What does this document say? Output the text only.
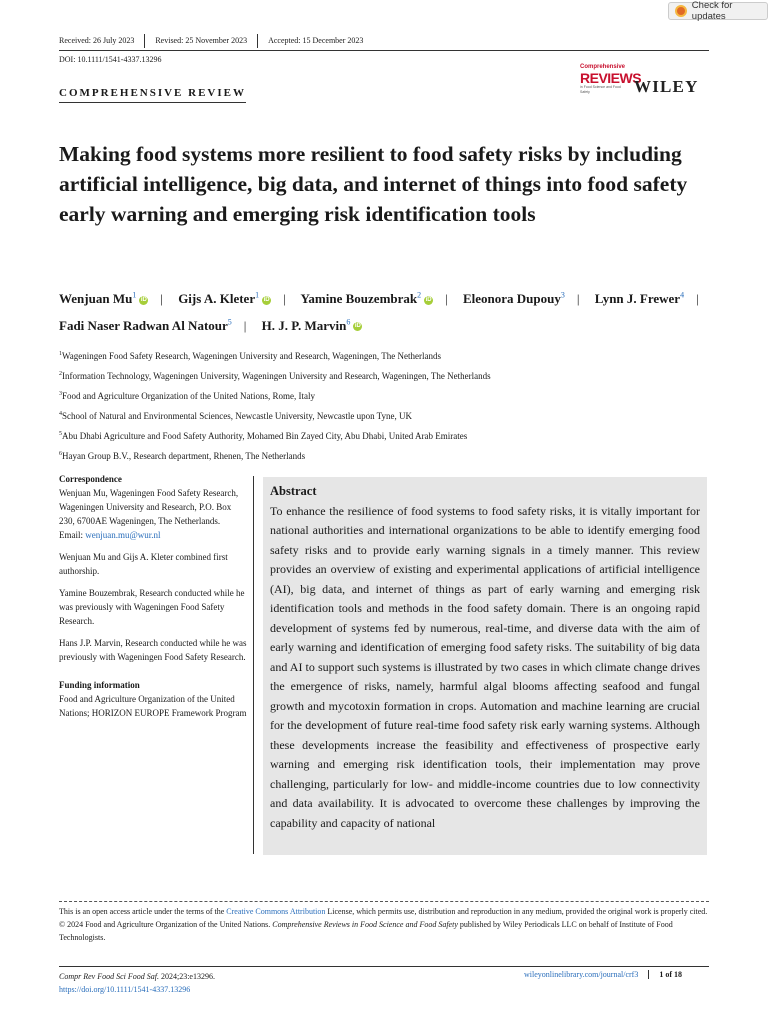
Check for updates
Received: 26 July 2023	Revised: 25 November 2023	Accepted: 15 December 2023
DOI: 10.1111/1541-4337.13296
COMPREHENSIVE REVIEW
Comprehensive
REVIEWS
in Food Science and Food Safety	WILEY
Making food systems more resilient to food safety risks by including artificial intelligence, big data, and internet of things into food safety early warning and emerging risk identification tools
Wenjuan Mu$^1$ iD | Gijs A. Kleter$^1$ iD | Yamine Bouzembrak$^2$ iD | Eleonora Dupouy$^3$ | Lynn J. Frewer$^4$ | Fadi Naser Radwan Al Natour$^5$ | H. J. P. Marvin$^6$ iD
$^1$Wageningen Food Safety Research, Wageningen University and Research, Wageningen, The Netherlands
$^2$Information Technology, Wageningen University, Wageningen University and Research, Wageningen, The Netherlands
$^3$Food and Agriculture Organization of the United Nations, Rome, Italy
$^4$School of Natural and Environmental Sciences, Newcastle University, Newcastle upon Tyne, UK
$^5$Abu Dhabi Agriculture and Food Safety Authority, Mohamed Bin Zayed City, Abu Dhabi, United Arab Emirates
$^6$Hayan Group B.V., Research department, Rhenen, The Netherlands
Correspondence
Wenjuan Mu, Wageningen Food Safety Research, Wageningen University and Research, P.O. Box 230, 6700AE Wageningen, The Netherlands.

Email: wenjuan.mu@wur.nl

Wenjuan Mu and Gijs A. Kleter combined first authorship.

Yamine Bouzembrak, Research conducted while he was previously with Wageningen Food Safety Research.

Hans J.P. Marvin, Research conducted while he was previously with Wageningen Food Safety Research.

Funding information
Food and Agriculture Organization of the United Nations; HORIZON EUROPE Framework Program
Abstract
To enhance the resilience of food systems to food safety risks, it is vitally important for national authorities and international organizations to be able to identify emerging food safety risks and to provide early warning signals in a timely manner. This review provides an overview of existing and experimental applications of artificial intelligence (AI), big data, and internet of things as part of early warning and emerging risk identification tools and methods in the food safety domain. There is an ongoing rapid development of systems fed by numerous, real-time, and diverse data with the aim of early warning and identification of emerging food safety risks. The suitability of big data and AI to support such systems is illustrated by two cases in which climate change drives the emergence of risks, namely, harmful algal blooms affecting seafood and fungal growth and mycotoxin formation in crops. Automation and machine learning are crucial for the development of future real-time food safety risk early warning systems. Although these developments increase the feasibility and effectiveness of prospective early warning and emerging risk identification tools, their implementation may prove challenging, particularly for low- and middle-income countries due to low connectivity and data availability. It is advocated to overcome these challenges by improving the capability and capacity of national
This is an open access article under the terms of the Creative Commons Attribution License, which permits use, distribution and reproduction in any medium, provided the original work is properly cited.
© 2024 Food and Agriculture Organization of the United Nations. Comprehensive Reviews in Food Science and Food Safety published by Wiley Periodicals LLC on behalf of Institute of Food Technologists.
Compr Rev Food Sci Food Saf. 2024;23:e13296.
https://doi.org/10.1111/1541-4337.13296
wileyonlinelibrary.com/journal/crf3	1 of 18
